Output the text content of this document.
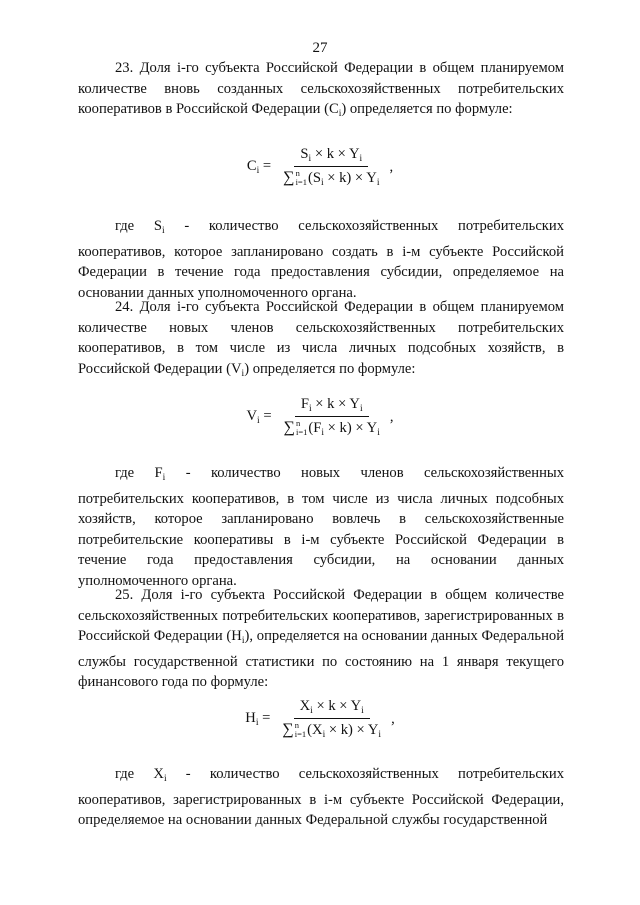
27
23. Доля i-го субъекта Российской Федерации в общем планируемом количестве вновь созданных сельскохозяйственных потребительских кооперативов в Российской Федерации $(C_i)$ определяется по формуле:
$C_i = S_i \times k \times Y_i$
∑ n
i=1 $(S_i \times k) \times Y_i$ ,
где $S_i$ - количество сельскохозяйственных потребительских кооперативов, которое запланировано создать в i-м субъекте Российской Федерации в течение года предоставления субсидии, определяемое на основании данных уполномоченного органа.
24. Доля i-го субъекта Российской Федерации в общем планируемом количестве новых членов сельскохозяйственных потребительских кооперативов, в том числе из числа личных подсобных хозяйств, в Российской Федерации $(V_i)$ определяется по формуле:
$V_i = F_i \times k \times Y_i$
∑ n
i=1 $(F_i \times k) \times Y_i$ ,
где $F_i$ - количество новых членов сельскохозяйственных потребительских кооперативов, в том числе из числа личных подсобных хозяйств, которое запланировано вовлечь в сельскохозяйственные потребительские кооперативы в i-м субъекте Российской Федерации в течение года предоставления субсидии, на основании данных уполномоченного органа.
25. Доля i-го субъекта Российской Федерации в общем количестве сельскохозяйственных потребительских кооперативов, зарегистрированных в Российской Федерации $(H_i)$, определяется на основании данных Федеральной службы государственной статистики по состоянию на 1 января текущего финансового года по формуле:
$H_i = X_i \times k \times Y_i$
∑ n
i=1 $(X_i \times k) \times Y_i$ ,
где $X_i$ - количество сельскохозяйственных потребительских кооперативов, зарегистрированных в i-м субъекте Российской Федерации, определяемое на основании данных Федеральной службы государственной
